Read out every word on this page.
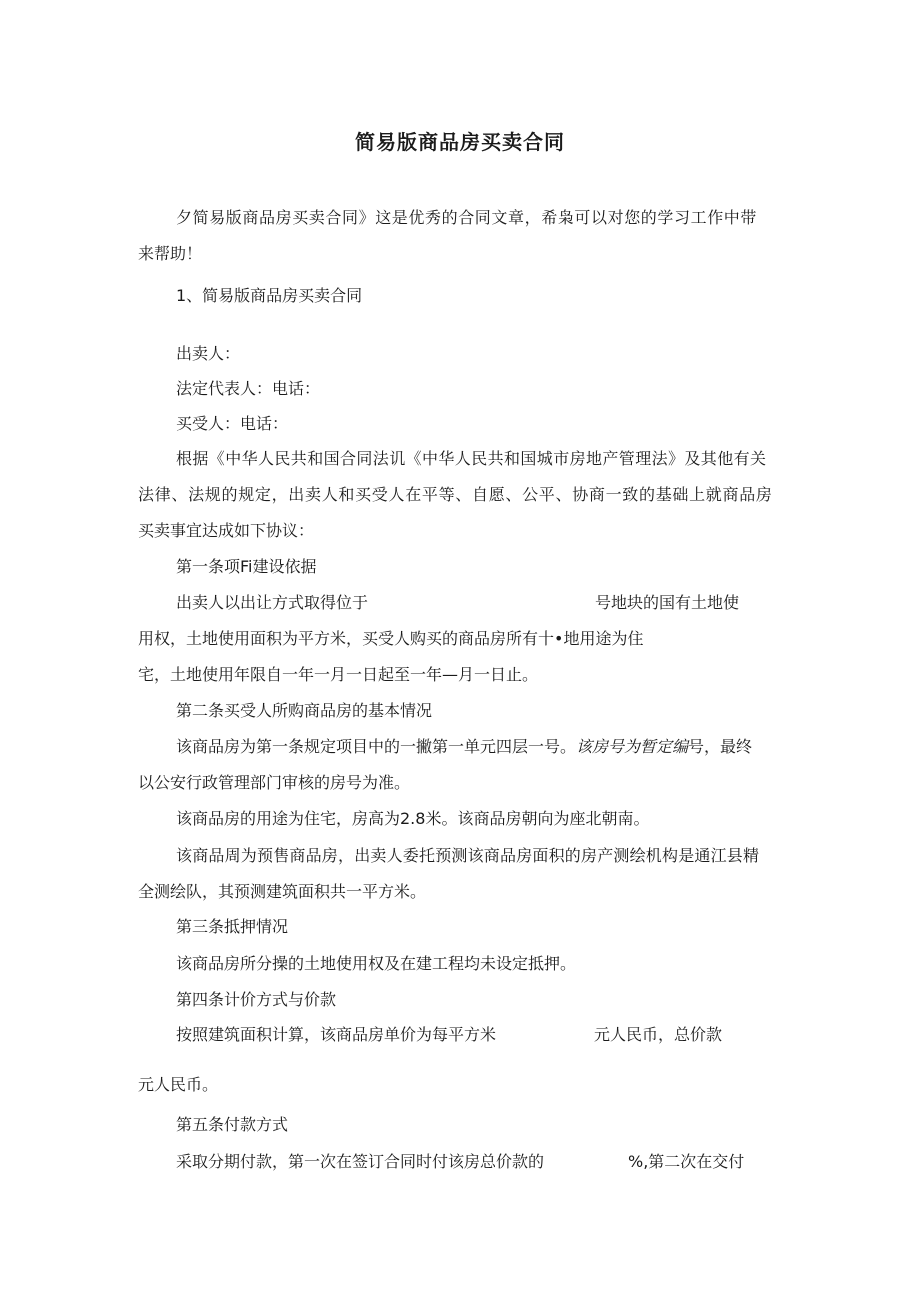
简易版商品房买卖合同
夕简易版商品房买卖合同》这是优秀的合同文章，希枭可以对您的学习工作中带
来帮助！
1、简易版商品房买卖合同
出卖人：
法定代表人：电话：
买受人：电话：
根据《中华人民共和国合同法讥《中华人民共和国城市房地产管理法》及其他有关
法律、法规的规定，出卖人和买受人在平等、自愿、公平、协商一致的基础上就商品房
买卖事宜达成如下协议：
第一条项Fi建设依据
出卖人以出让方式取得位于	号地块的国有土地使
用权，土地使用面积为平方米，买受人购买的商品房所有十•地用途为住
宅，土地使用年限自一年一月一日起至一年—月一日止。
第二条买受人所购商品房的基本情况
该商品房为第一条规定项目中的一撇第一单元四层一号。该房号为暂定编号，最终
以公安行政管理部门审核的房号为准。
该商品房的用途为住宅，房高为2.8米。该商品房朝向为座北朝南。
该商品周为预售商品房，出卖人委托预测该商品房面积的房产测绘机构是通江县精
全测绘队，其预测建筑面积共一平方米。
第三条抵押情况
该商品房所分操的土地使用权及在建工程均未设定抵押。
第四条计价方式与价款
按照建筑面积计算，该商品房单价为每平方米	元人民币，总价款
元人民币。
第五条付款方式
采取分期付款，第一次在签订合同时付该房总价款的	%,第二次在交付
